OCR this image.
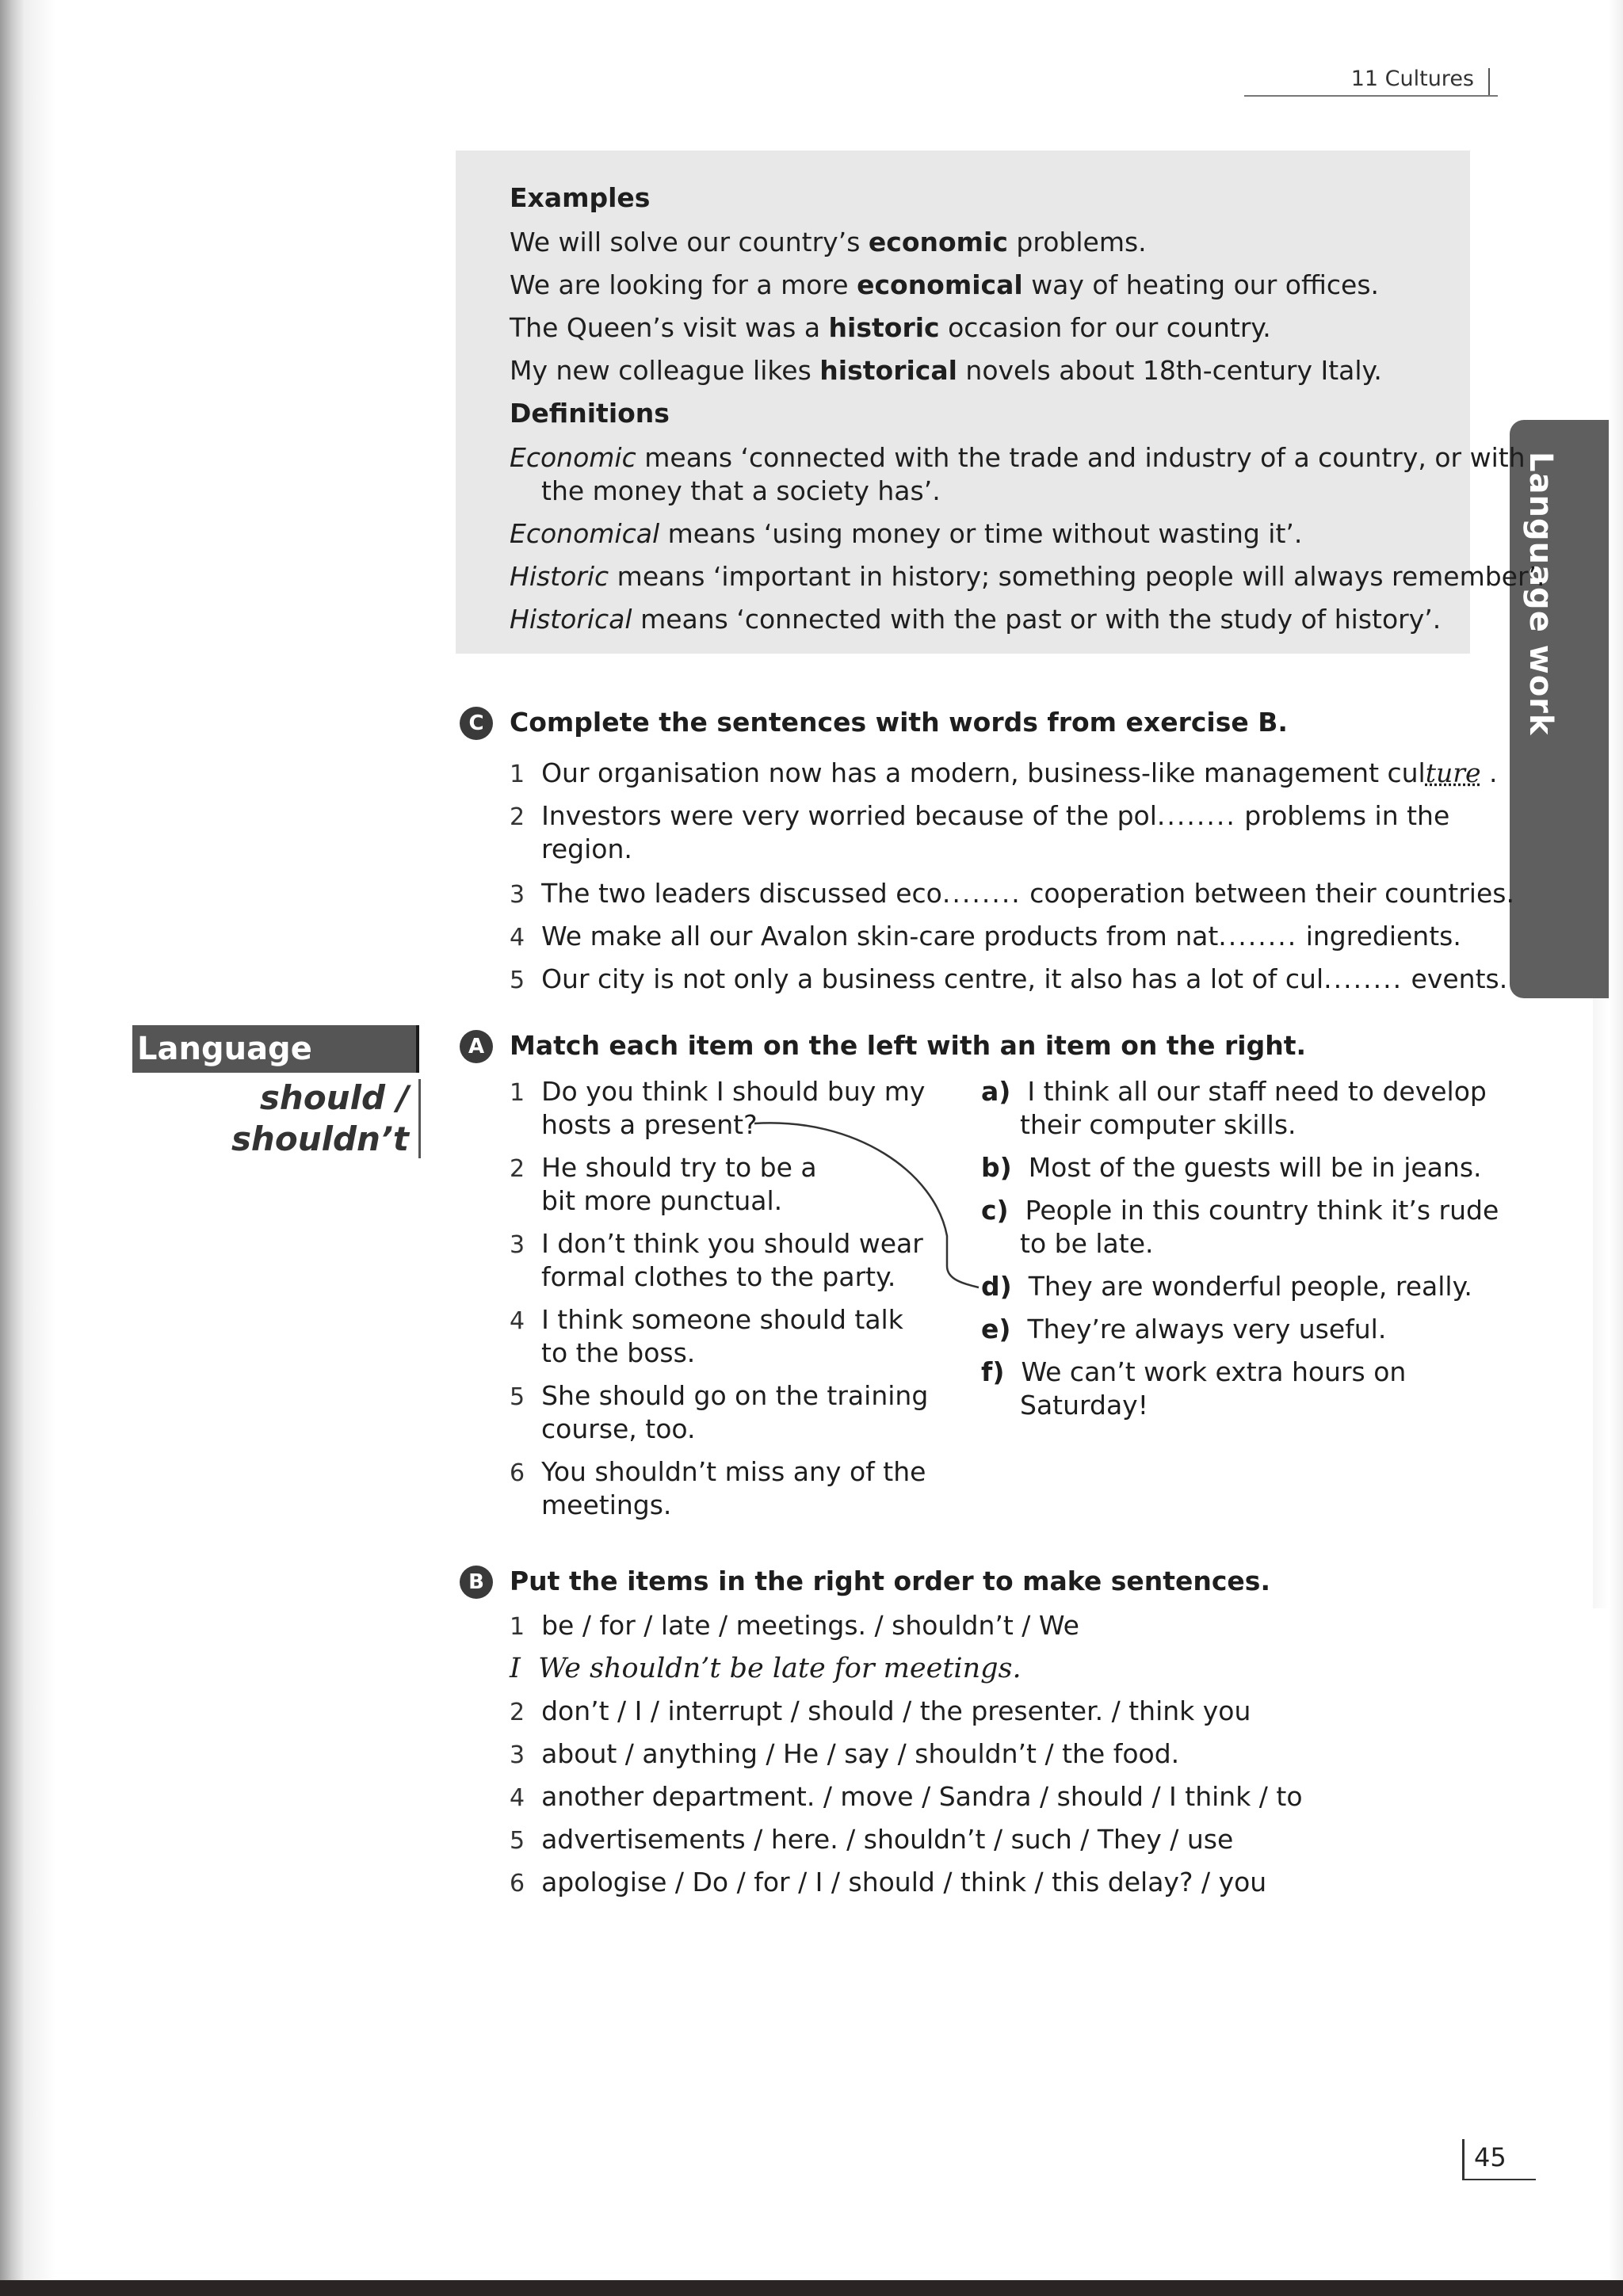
11 Cultures
Language work
Examples
We will solve our country’s economic problems.
We are looking for a more economical way of heating our offices.
The Queen’s visit was a historic occasion for our country.
My new colleague likes historical novels about 18th-century Italy.
Definitions
Economic means ‘connected with the trade and industry of a country, or with
the money that a society has’.
Economical means ‘using money or time without wasting it’.
Historic means ‘important in history; something people will always remember’.
Historical means ‘connected with the past or with the study of history’.
C Complete the sentences with words from exercise B.
1 Our organisation now has a modern, business-like management culture .
2 Investors were very worried because of the pol........ problems in the
region.
3 The two leaders discussed eco........ cooperation between their countries.
4 We make all our Avalon skin-care products from nat........ ingredients.
5 Our city is not only a business centre, it also has a lot of cul........ events.
Language review should /
shouldn’t
A Match each item on the left with an item on the right.
1 Do you think I should buy my
hosts a present?
2 He should try to be a
bit more punctual.
3 I don’t think you should wear
formal clothes to the party.
4 I think someone should talk
to the boss.
5 She should go on the training
course, too.
6 You shouldn’t miss any of the
meetings.
a) I think all our staff need to develop
their computer skills.
b) Most of the guests will be in jeans.
c) People in this country think it’s rude
to be late.
d) They are wonderful people, really.
e) They’re always very useful.
f) We can’t work extra hours on
Saturday!
B Put the items in the right order to make sentences.
1 be / for / late / meetings. / shouldn’t / We
I We shouldn’t be late for meetings.
2 don’t / I / interrupt / should / the presenter. / think you
3 about / anything / He / say / shouldn’t / the food.
4 another department. / move / Sandra / should / I think / to
5 advertisements / here. / shouldn’t / such / They / use
6 apologise / Do / for / I / should / think / this delay? / you
45
